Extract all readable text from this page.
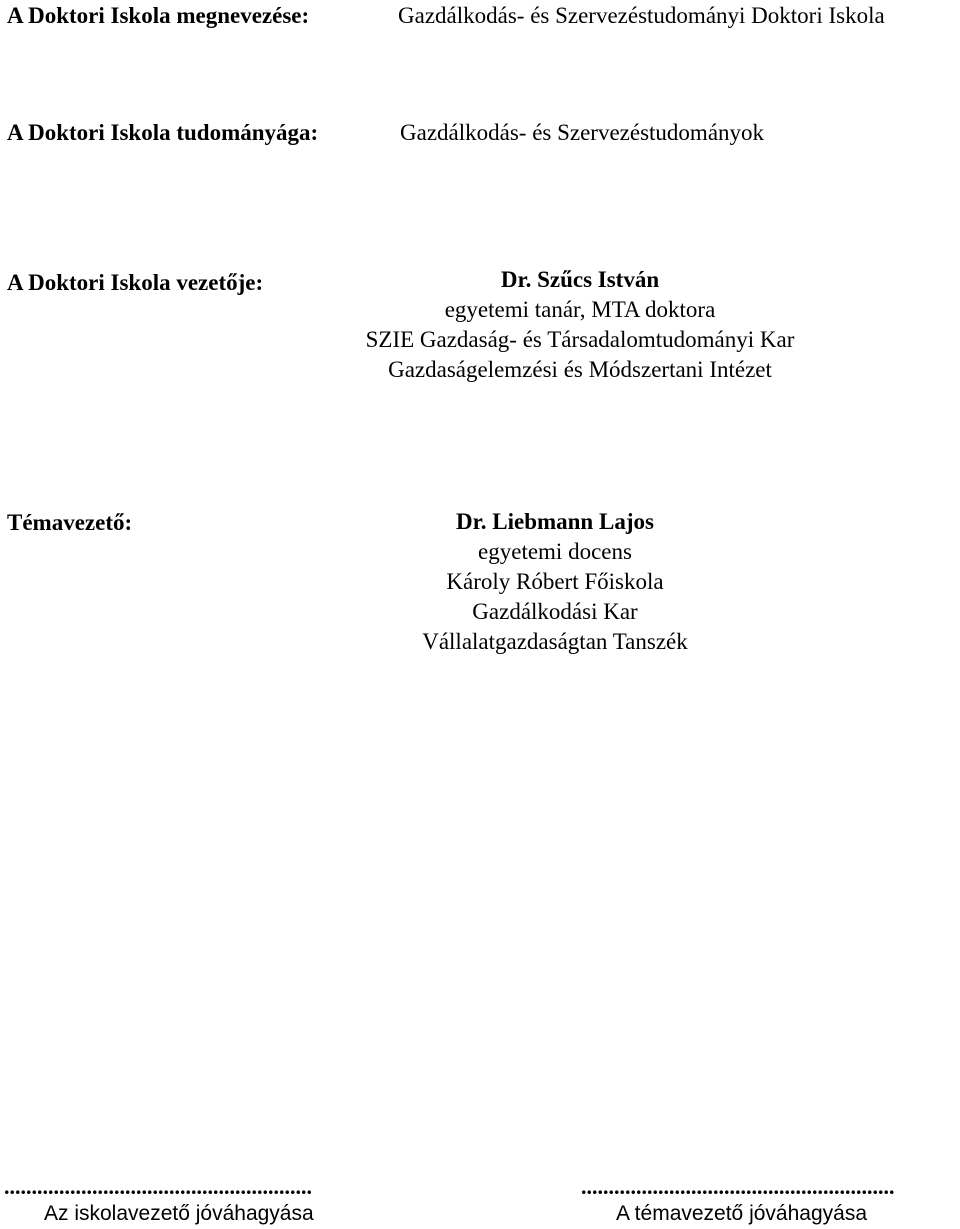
A Doktori Iskola megnevezése:	Gazdálkodás- és Szervezéstudományi Doktori Iskola
A Doktori Iskola tudományága:	Gazdálkodás- és Szervezéstudományok
A Doktori Iskola vezetője:	Dr. Szűcs István
egyetemi tanár, MTA doktora
SZIE Gazdaság- és Társadalomtudományi Kar
Gazdaságelemzési és Módszertani Intézet
Témavezető:	Dr. Liebmann Lajos
egyetemi docens
Károly Róbert Főiskola
Gazdálkodási Kar
Vállalatgazdaságtan Tanszék
........................................................
Az iskolavezető jóváhagyása
.........................................................
A témavezető jóváhagyása
